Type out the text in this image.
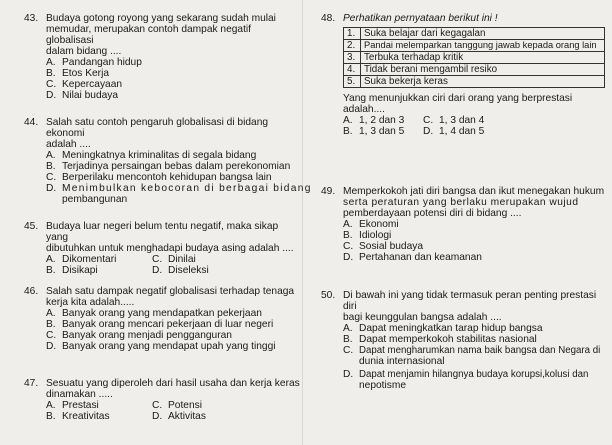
43. Budaya gotong royong yang sekarang sudah mulai
memudar, merupakan contoh dampak negatif globalisasi
dalam bidang ....
A. Pandangan hidup
B. Etos Kerja
C. Kepercayaan
D. Nilai budaya
44. Salah satu contoh pengaruh globalisasi di bidang ekonomi
adalah ....
A. Meningkatnya kriminalitas di segala bidang
B. Terjadinya persaingan bebas dalam perekonomian
C. Berperilaku mencontoh kehidupan bangsa lain
D. Menimbulkan kebocoran di berbagai bidang
pembangunan
45. Budaya luar negeri belum tentu negatif, maka sikap yang
dibutuhkan untuk menghadapi budaya asing adalah ....
A. Dikomentari	C. Dinilai
B. Disikapi	D. Diseleksi
46. Salah satu dampak negatif globalisasi terhadap tenaga
kerja kita adalah.....
A. Banyak orang yang mendapatkan pekerjaan
B. Banyak orang mencari pekerjaan di luar negeri
C. Banyak orang menjadi pengganguran
D. Banyak orang yang mendapat upah yang tinggi
47. Sesuatu yang diperoleh dari hasil usaha dan kerja keras
dinamakan .....
A. Prestasi	C. Potensi
B. Kreativitas	D. Aktivitas
48. Perhatikan pernyataan berikut ini !
1.	Suka belajar dari kegagalan
2.	Pandai melemparkan tanggung jawab kepada orang lain
3.	Terbuka terhadap kritik
4.	Tidak berani mengambil resiko
5.	Suka bekerja keras
Yang menunjukkan ciri dari orang yang berprestasi
adalah....
A. 1, 2 dan 3 C. 1, 3 dan 4
B. 1, 3 dan 5 D. 1, 4 dan 5
49. Memperkokoh jati diri bangsa dan ikut menegakan hukum
serta peraturan yang berlaku merupakan wujud
pemberdayaan potensi diri di bidang ....
A. Ekonomi
B. Idiologi
C. Sosial budaya
D. Pertahanan dan keamanan
50. Di bawah ini yang tidak termasuk peran penting prestasi diri
bagi keunggulan bangsa adalah ....
A. Dapat meningkatkan tarap hidup bangsa
B. Dapat memperkokoh stabilitas nasional
C. Dapat mengharumkan nama baik bangsa dan Negara di
dunia internasional
D. Dapat menjamin hilangnya budaya korupsi,kolusi dan
nepotisme
